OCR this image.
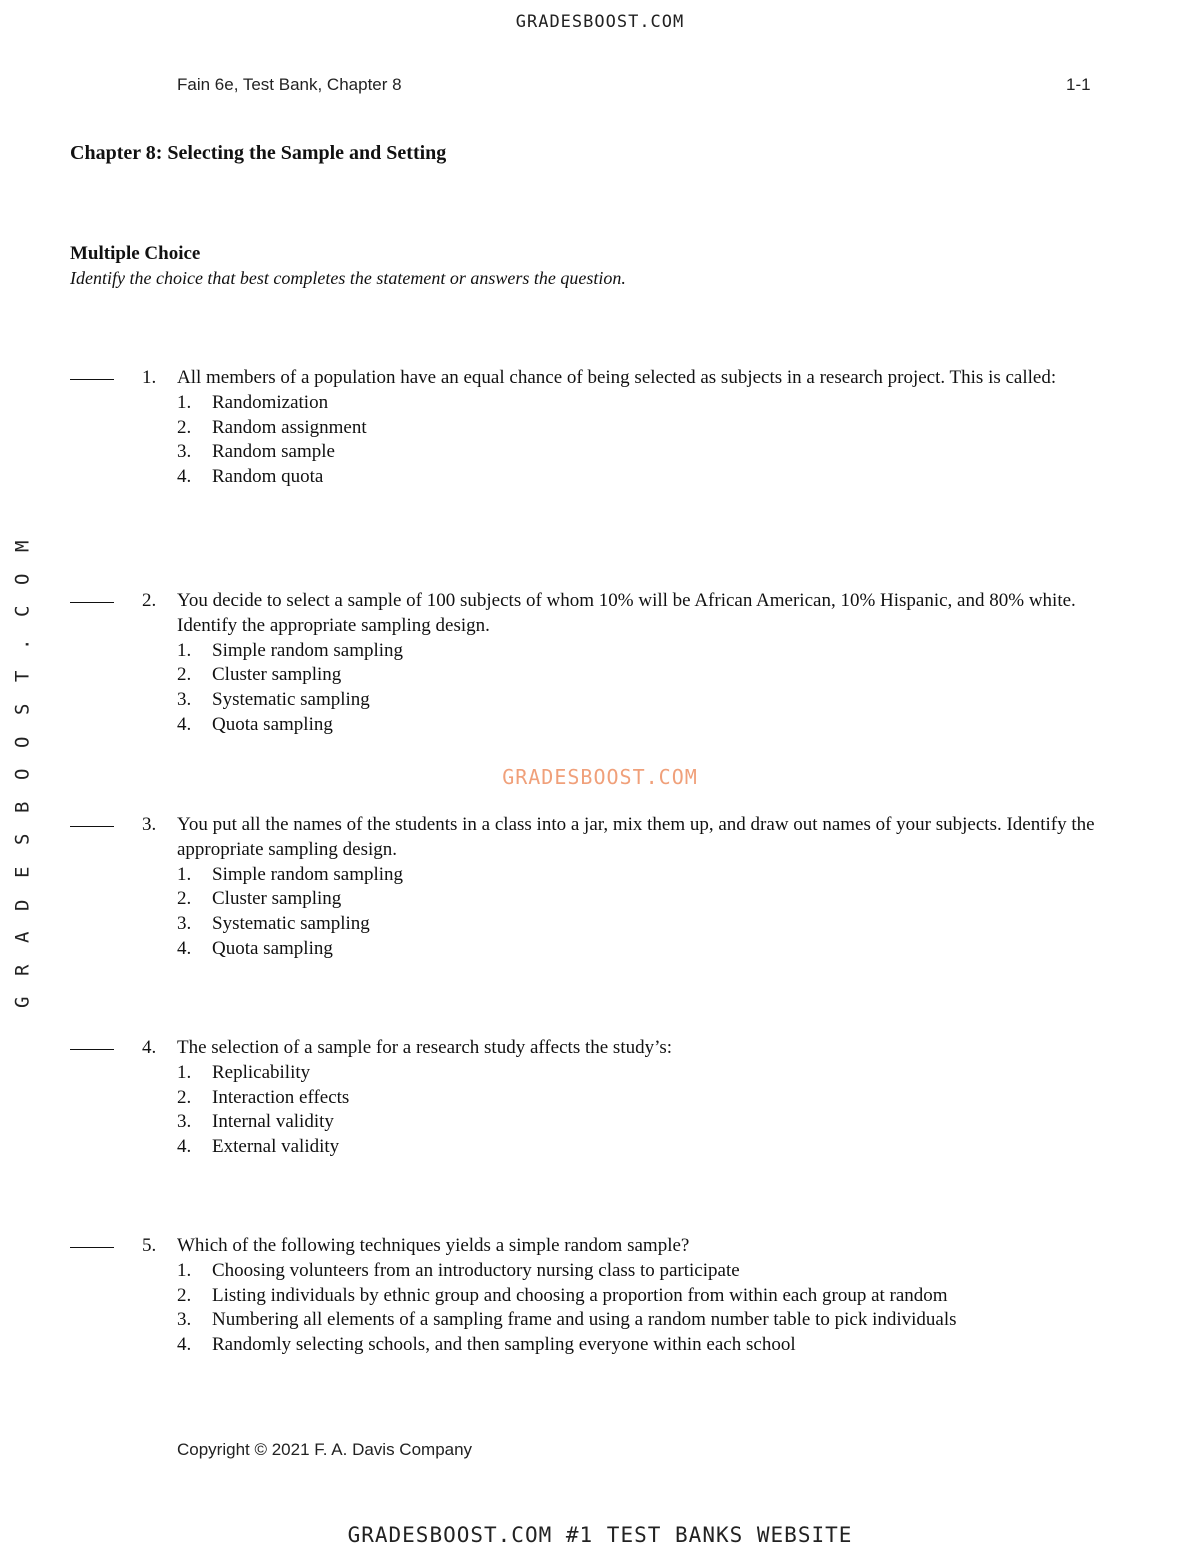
GRADESBOOST.COM
Fain 6e, Test Bank, Chapter 8	1-1
Chapter 8: Selecting the Sample and Setting
Multiple Choice
Identify the choice that best completes the statement or answers the question.
G
R
A
D
E
S
B
O
O
S
T
.
C
O
M
GRADESBOOST.COM
1.	All members of a population have an equal chance of being selected as subjects in a research project. This is called:
1. Randomization
2. Random assignment
3. Random sample
4. Random quota
2.	You decide to select a sample of 100 subjects of whom 10% will be African American, 10% Hispanic, and 80% white. Identify the appropriate sampling design.
1. Simple random sampling
2. Cluster sampling
3. Systematic sampling
4. Quota sampling
3.	You put all the names of the students in a class into a jar, mix them up, and draw out names of your subjects. Identify the appropriate sampling design.
1. Simple random sampling
2. Cluster sampling
3. Systematic sampling
4. Quota sampling
4.	The selection of a sample for a research study affects the study’s:
1. Replicability
2. Interaction effects
3. Internal validity
4. External validity
5.	Which of the following techniques yields a simple random sample?
1. Choosing volunteers from an introductory nursing class to participate
2. Listing individuals by ethnic group and choosing a proportion from within each group at random
3. Numbering all elements of a sampling frame and using a random number table to pick individuals
4. Randomly selecting schools, and then sampling everyone within each school
Copyright © 2021 F. A. Davis Company
GRADESBOOST.COM #1 TEST BANKS WEBSITE
